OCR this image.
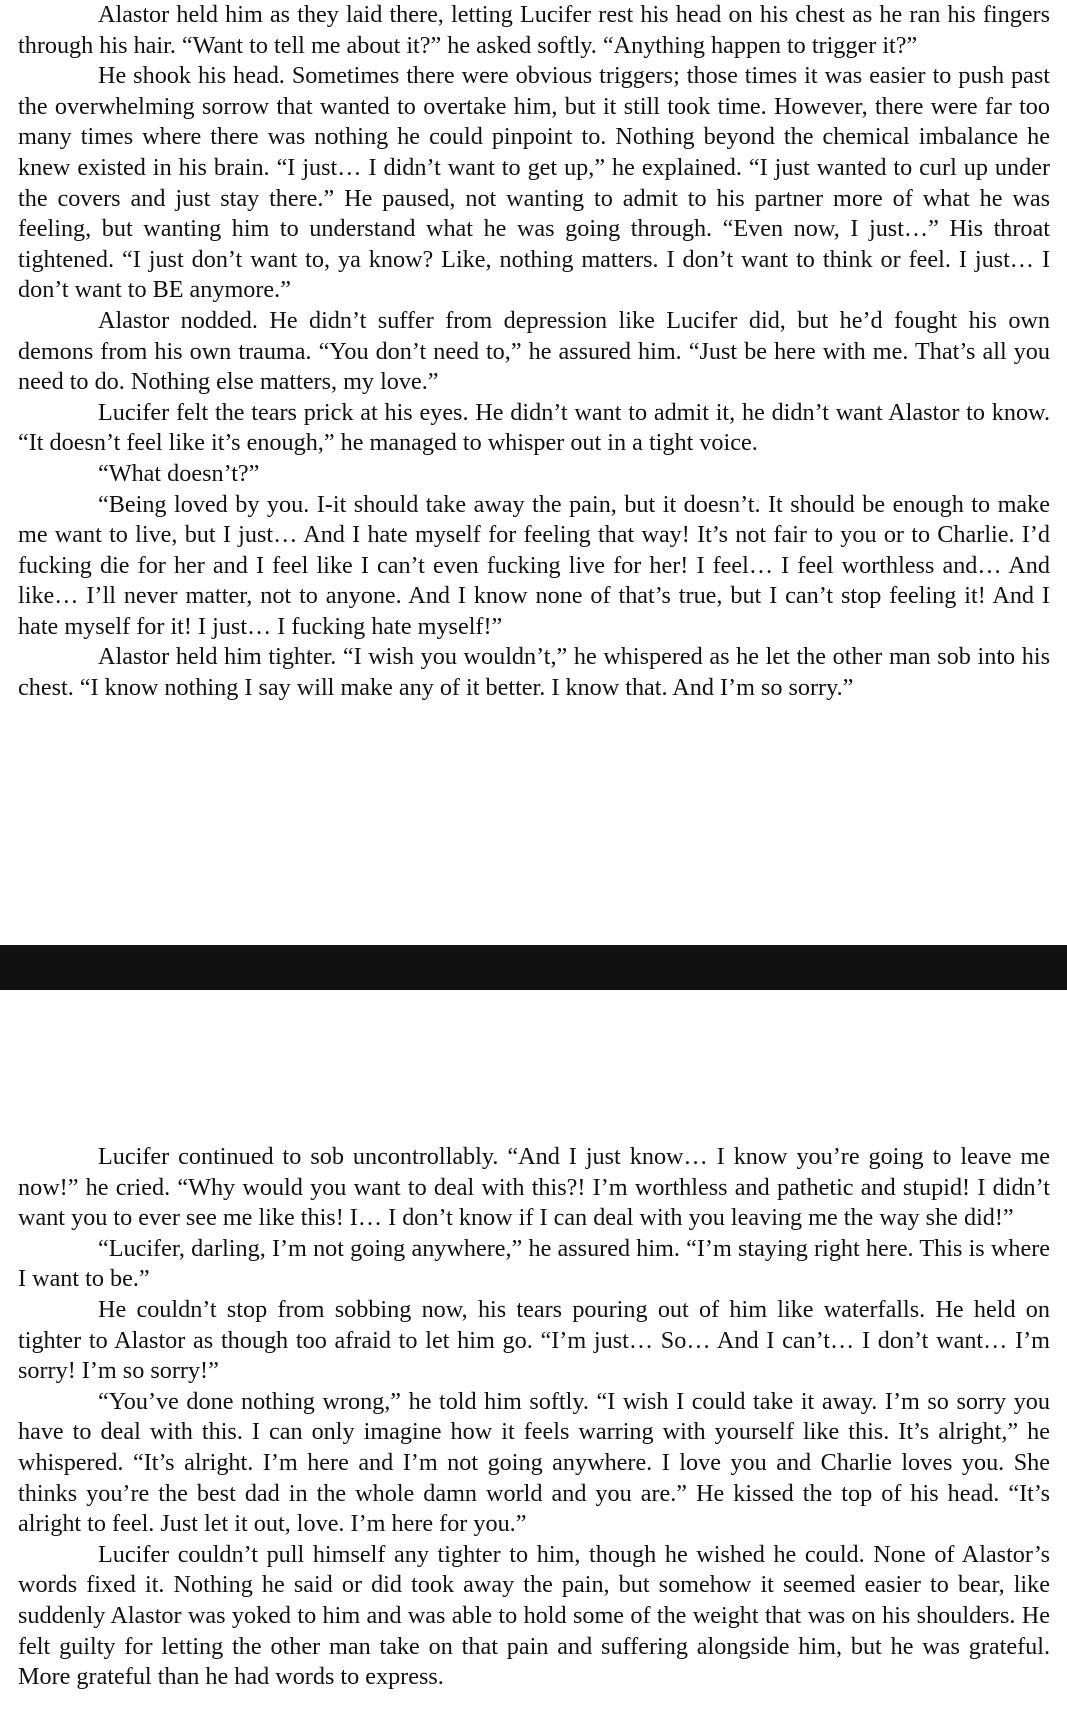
Alastor held him as they laid there, letting Lucifer rest his head on his chest as he ran his fingers through his hair. “Want to tell me about it?” he asked softly. “Anything happen to trigger it?”

He shook his head. Sometimes there were obvious triggers; those times it was easier to push past the overwhelming sorrow that wanted to overtake him, but it still took time. However, there were far too many times where there was nothing he could pinpoint to. Nothing beyond the chemical imbalance he knew existed in his brain. “I just… I didn’t want to get up,” he explained. “I just wanted to curl up under the covers and just stay there.” He paused, not wanting to admit to his partner more of what he was feeling, but wanting him to understand what he was going through. “Even now, I just…” His throat tightened. “I just don’t want to, ya know? Like, nothing matters. I don’t want to think or feel. I just… I don’t want to BE anymore.”

Alastor nodded. He didn’t suffer from depression like Lucifer did, but he’d fought his own demons from his own trauma. “You don’t need to,” he assured him. “Just be here with me. That’s all you need to do. Nothing else matters, my love.”

Lucifer felt the tears prick at his eyes. He didn’t want to admit it, he didn’t want Alastor to know. “It doesn’t feel like it’s enough,” he managed to whisper out in a tight voice.

“What doesn’t?”

“Being loved by you. I-it should take away the pain, but it doesn’t. It should be enough to make me want to live, but I just… And I hate myself for feeling that way! It’s not fair to you or to Charlie. I’d fucking die for her and I feel like I can’t even fucking live for her! I feel… I feel worthless and… And like… I’ll never matter, not to anyone. And I know none of that’s true, but I can’t stop feeling it! And I hate myself for it! I just… I fucking hate myself!”

Alastor held him tighter. “I wish you wouldn’t,” he whispered as he let the other man sob into his chest. “I know nothing I say will make any of it better. I know that. And I’m so sorry.”

Lucifer continued to sob uncontrollably. “And I just know… I know you’re going to leave me now!” he cried. “Why would you want to deal with this?! I’m worthless and pathetic and stupid! I didn’t want you to ever see me like this! I… I don’t know if I can deal with you leaving me the way she did!”

“Lucifer, darling, I’m not going anywhere,” he assured him. “I’m staying right here. This is where I want to be.”

He couldn’t stop from sobbing now, his tears pouring out of him like waterfalls. He held on tighter to Alastor as though too afraid to let him go. “I’m just… So… And I can’t… I don’t want… I’m sorry! I’m so sorry!”

“You’ve done nothing wrong,” he told him softly. “I wish I could take it away. I’m so sorry you have to deal with this. I can only imagine how it feels warring with yourself like this. It’s alright,” he whispered. “It’s alright. I’m here and I’m not going anywhere. I love you and Charlie loves you. She thinks you’re the best dad in the whole damn world and you are.” He kissed the top of his head. “It’s alright to feel. Just let it out, love. I’m here for you.”

Lucifer couldn’t pull himself any tighter to him, though he wished he could. None of Alastor’s words fixed it. Nothing he said or did took away the pain, but somehow it seemed easier to bear, like suddenly Alastor was yoked to him and was able to hold some of the weight that was on his shoulders. He felt guilty for letting the other man take on that pain and suffering alongside him, but he was grateful. More grateful than he had words to express.
